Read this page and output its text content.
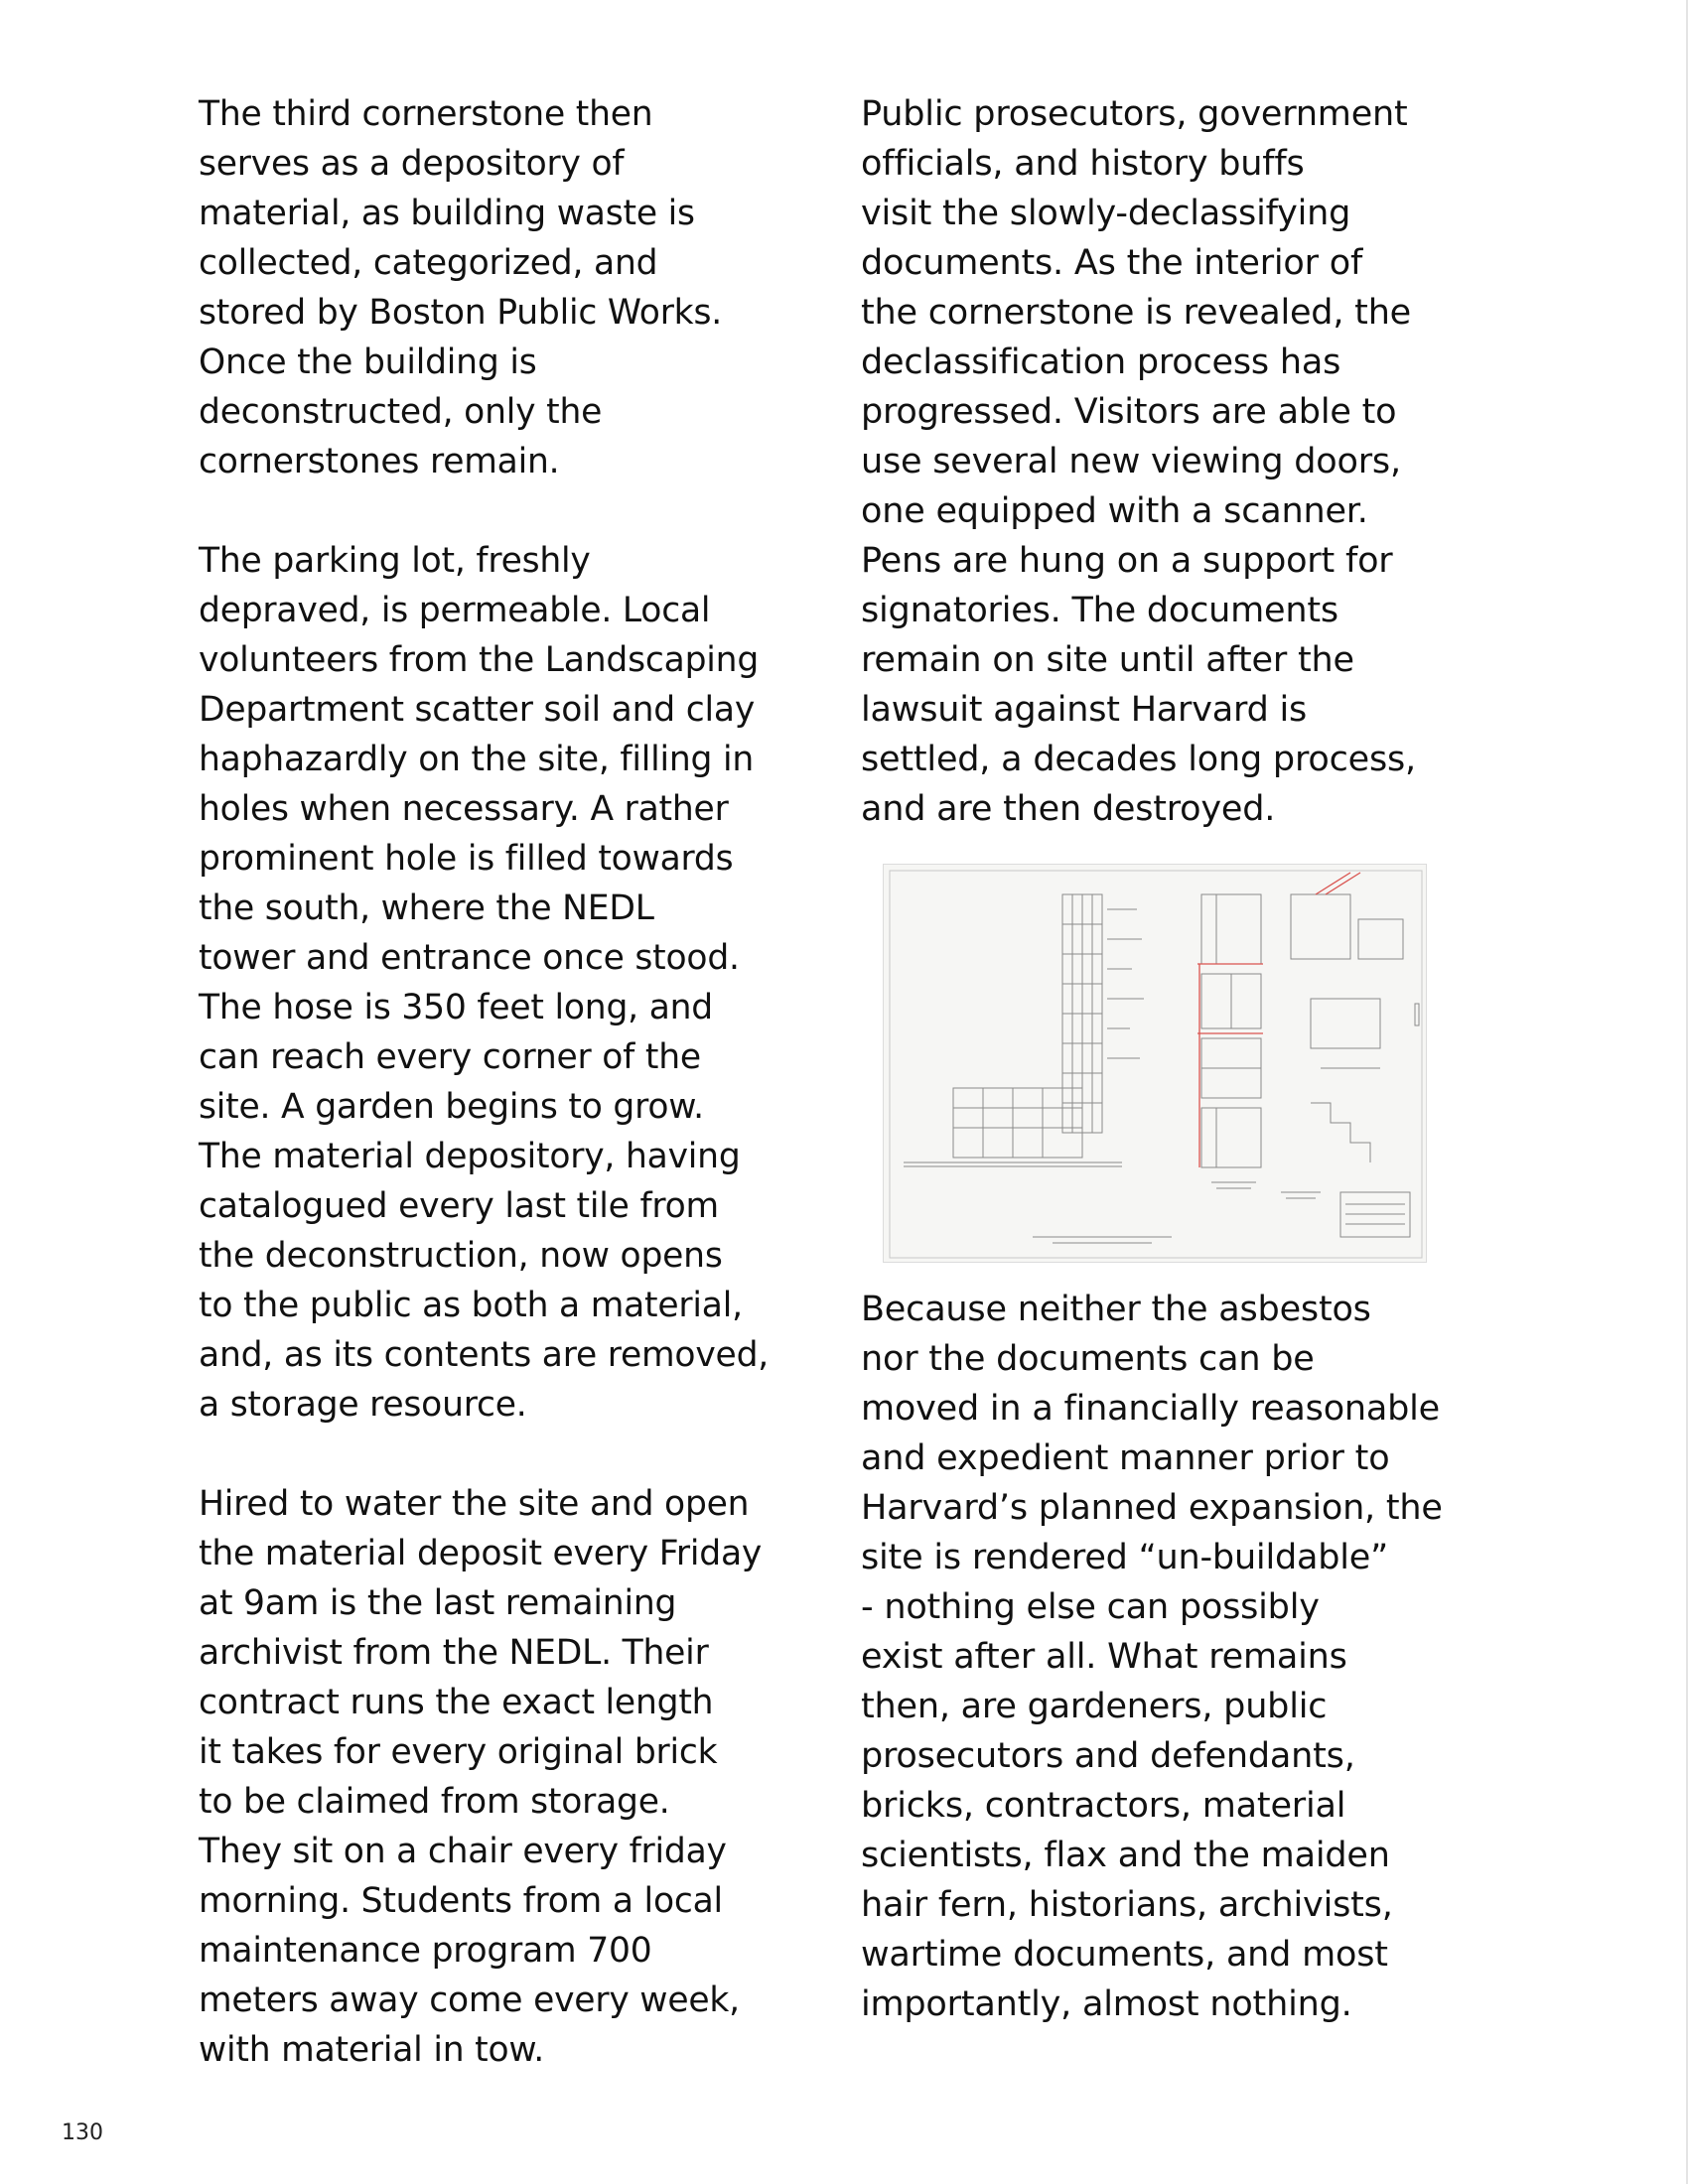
The third cornerstone then
serves as a depository of
material, as building waste is
collected, categorized, and
stored by Boston Public Works.
Once the building is
deconstructed, only the
cornerstones remain.

The parking lot, freshly
depraved, is permeable. Local
volunteers from the Landscaping
Department scatter soil and clay
haphazardly on the site, filling in
holes when necessary. A rather
prominent hole is filled towards
the south, where the NEDL
tower and entrance once stood.
The hose is 350 feet long, and
can reach every corner of the
site. A garden begins to grow.
The material depository, having
catalogued every last tile from
the deconstruction, now opens
to the public as both a material,
and, as its contents are removed,
a storage resource.

Hired to water the site and open
the material deposit every Friday
at 9am is the last remaining
archivist from the NEDL. Their
contract runs the exact length
it takes for every original brick
to be claimed from storage.
They sit on a chair every friday
morning. Students from a local
maintenance program 700
meters away come every week,
with material in tow.

Public prosecutors, government
officials, and history buffs
visit the slowly-declassifying
documents. As the interior of
the cornerstone is revealed, the
declassification process has
progressed. Visitors are able to
use several new viewing doors,
one equipped with a scanner.
Pens are hung on a support for
signatories. The documents
remain on site until after the
lawsuit against Harvard is
settled, a decades long process,
and are then destroyed.

Because neither the asbestos
nor the documents can be
moved in a financially reasonable
and expedient manner prior to
Harvard’s planned expansion, the
site is rendered “un-buildable”
- nothing else can possibly
exist after all. What remains
then, are gardeners, public
prosecutors and defendants,
bricks, contractors, material
scientists, flax and the maiden
hair fern, historians, archivists,
wartime documents, and most
importantly, almost nothing.

130
